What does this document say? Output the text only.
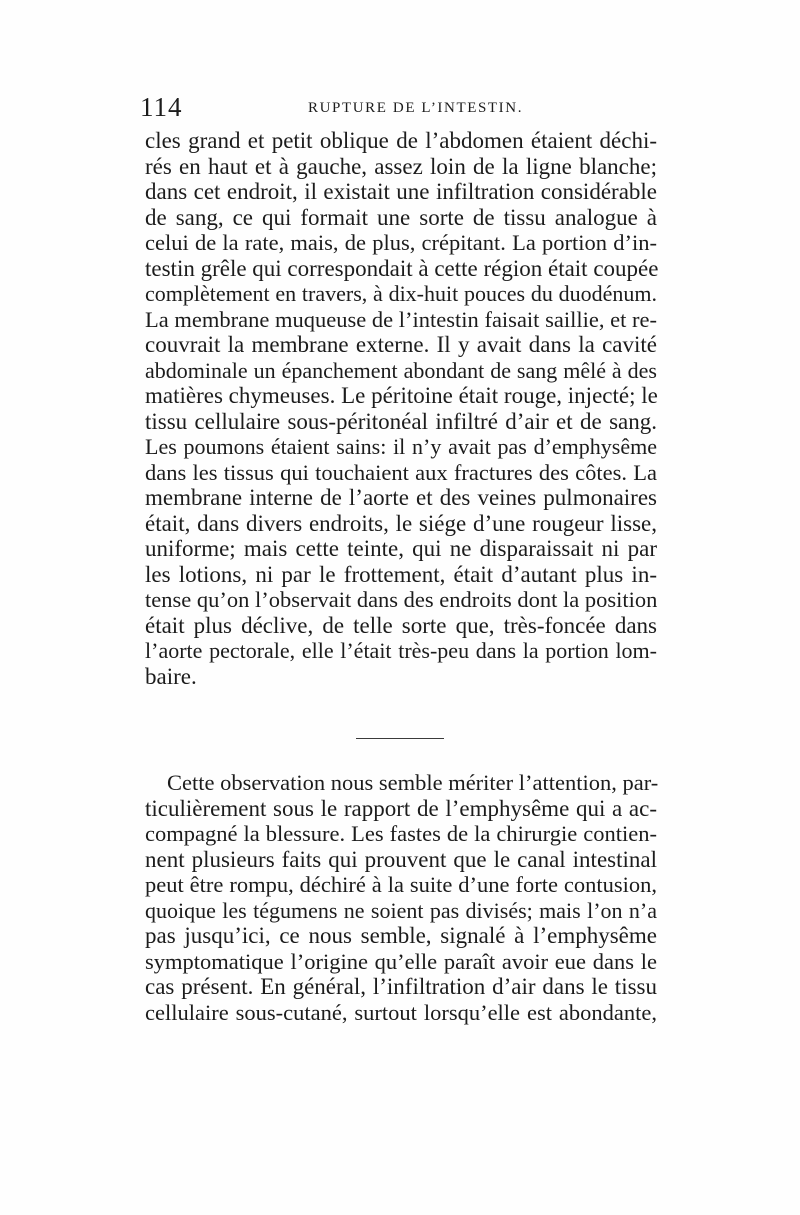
114	RUPTURE DE L’INTESTIN.
cles grand et petit oblique de l’abdomen étaient déchi-
rés en haut et à gauche, assez loin de la ligne blanche;
dans cet endroit, il existait une infiltration considérable
de sang, ce qui formait une sorte de tissu analogue à
celui de la rate, mais, de plus, crépitant. La portion d’in-
testin grêle qui correspondait à cette région était coupée
complètement en travers, à dix-huit pouces du duodénum.
La membrane muqueuse de l’intestin faisait saillie, et re-
couvrait la membrane externe. Il y avait dans la cavité
abdominale un épanchement abondant de sang mêlé à des
matières chymeuses. Le péritoine était rouge, injecté; le
tissu cellulaire sous-péritonéal infiltré d’air et de sang.
Les poumons étaient sains: il n’y avait pas d’emphysême
dans les tissus qui touchaient aux fractures des côtes. La
membrane interne de l’aorte et des veines pulmonaires
était, dans divers endroits, le siége d’une rougeur lisse,
uniforme; mais cette teinte, qui ne disparaissait ni par
les lotions, ni par le frottement, était d’autant plus in-
tense qu’on l’observait dans des endroits dont la position
était plus déclive, de telle sorte que, très-foncée dans
l’aorte pectorale, elle l’était très-peu dans la portion lom-
baire.
Cette observation nous semble mériter l’attention, par-
ticulièrement sous le rapport de l’emphysême qui a ac-
compagné la blessure. Les fastes de la chirurgie contien-
nent plusieurs faits qui prouvent que le canal intestinal
peut être rompu, déchiré à la suite d’une forte contusion,
quoique les tégumens ne soient pas divisés; mais l’on n’a
pas jusqu’ici, ce nous semble, signalé à l’emphysême
symptomatique l’origine qu’elle paraît avoir eue dans le
cas présent. En général, l’infiltration d’air dans le tissu
cellulaire sous-cutané, surtout lorsqu’elle est abondante,
